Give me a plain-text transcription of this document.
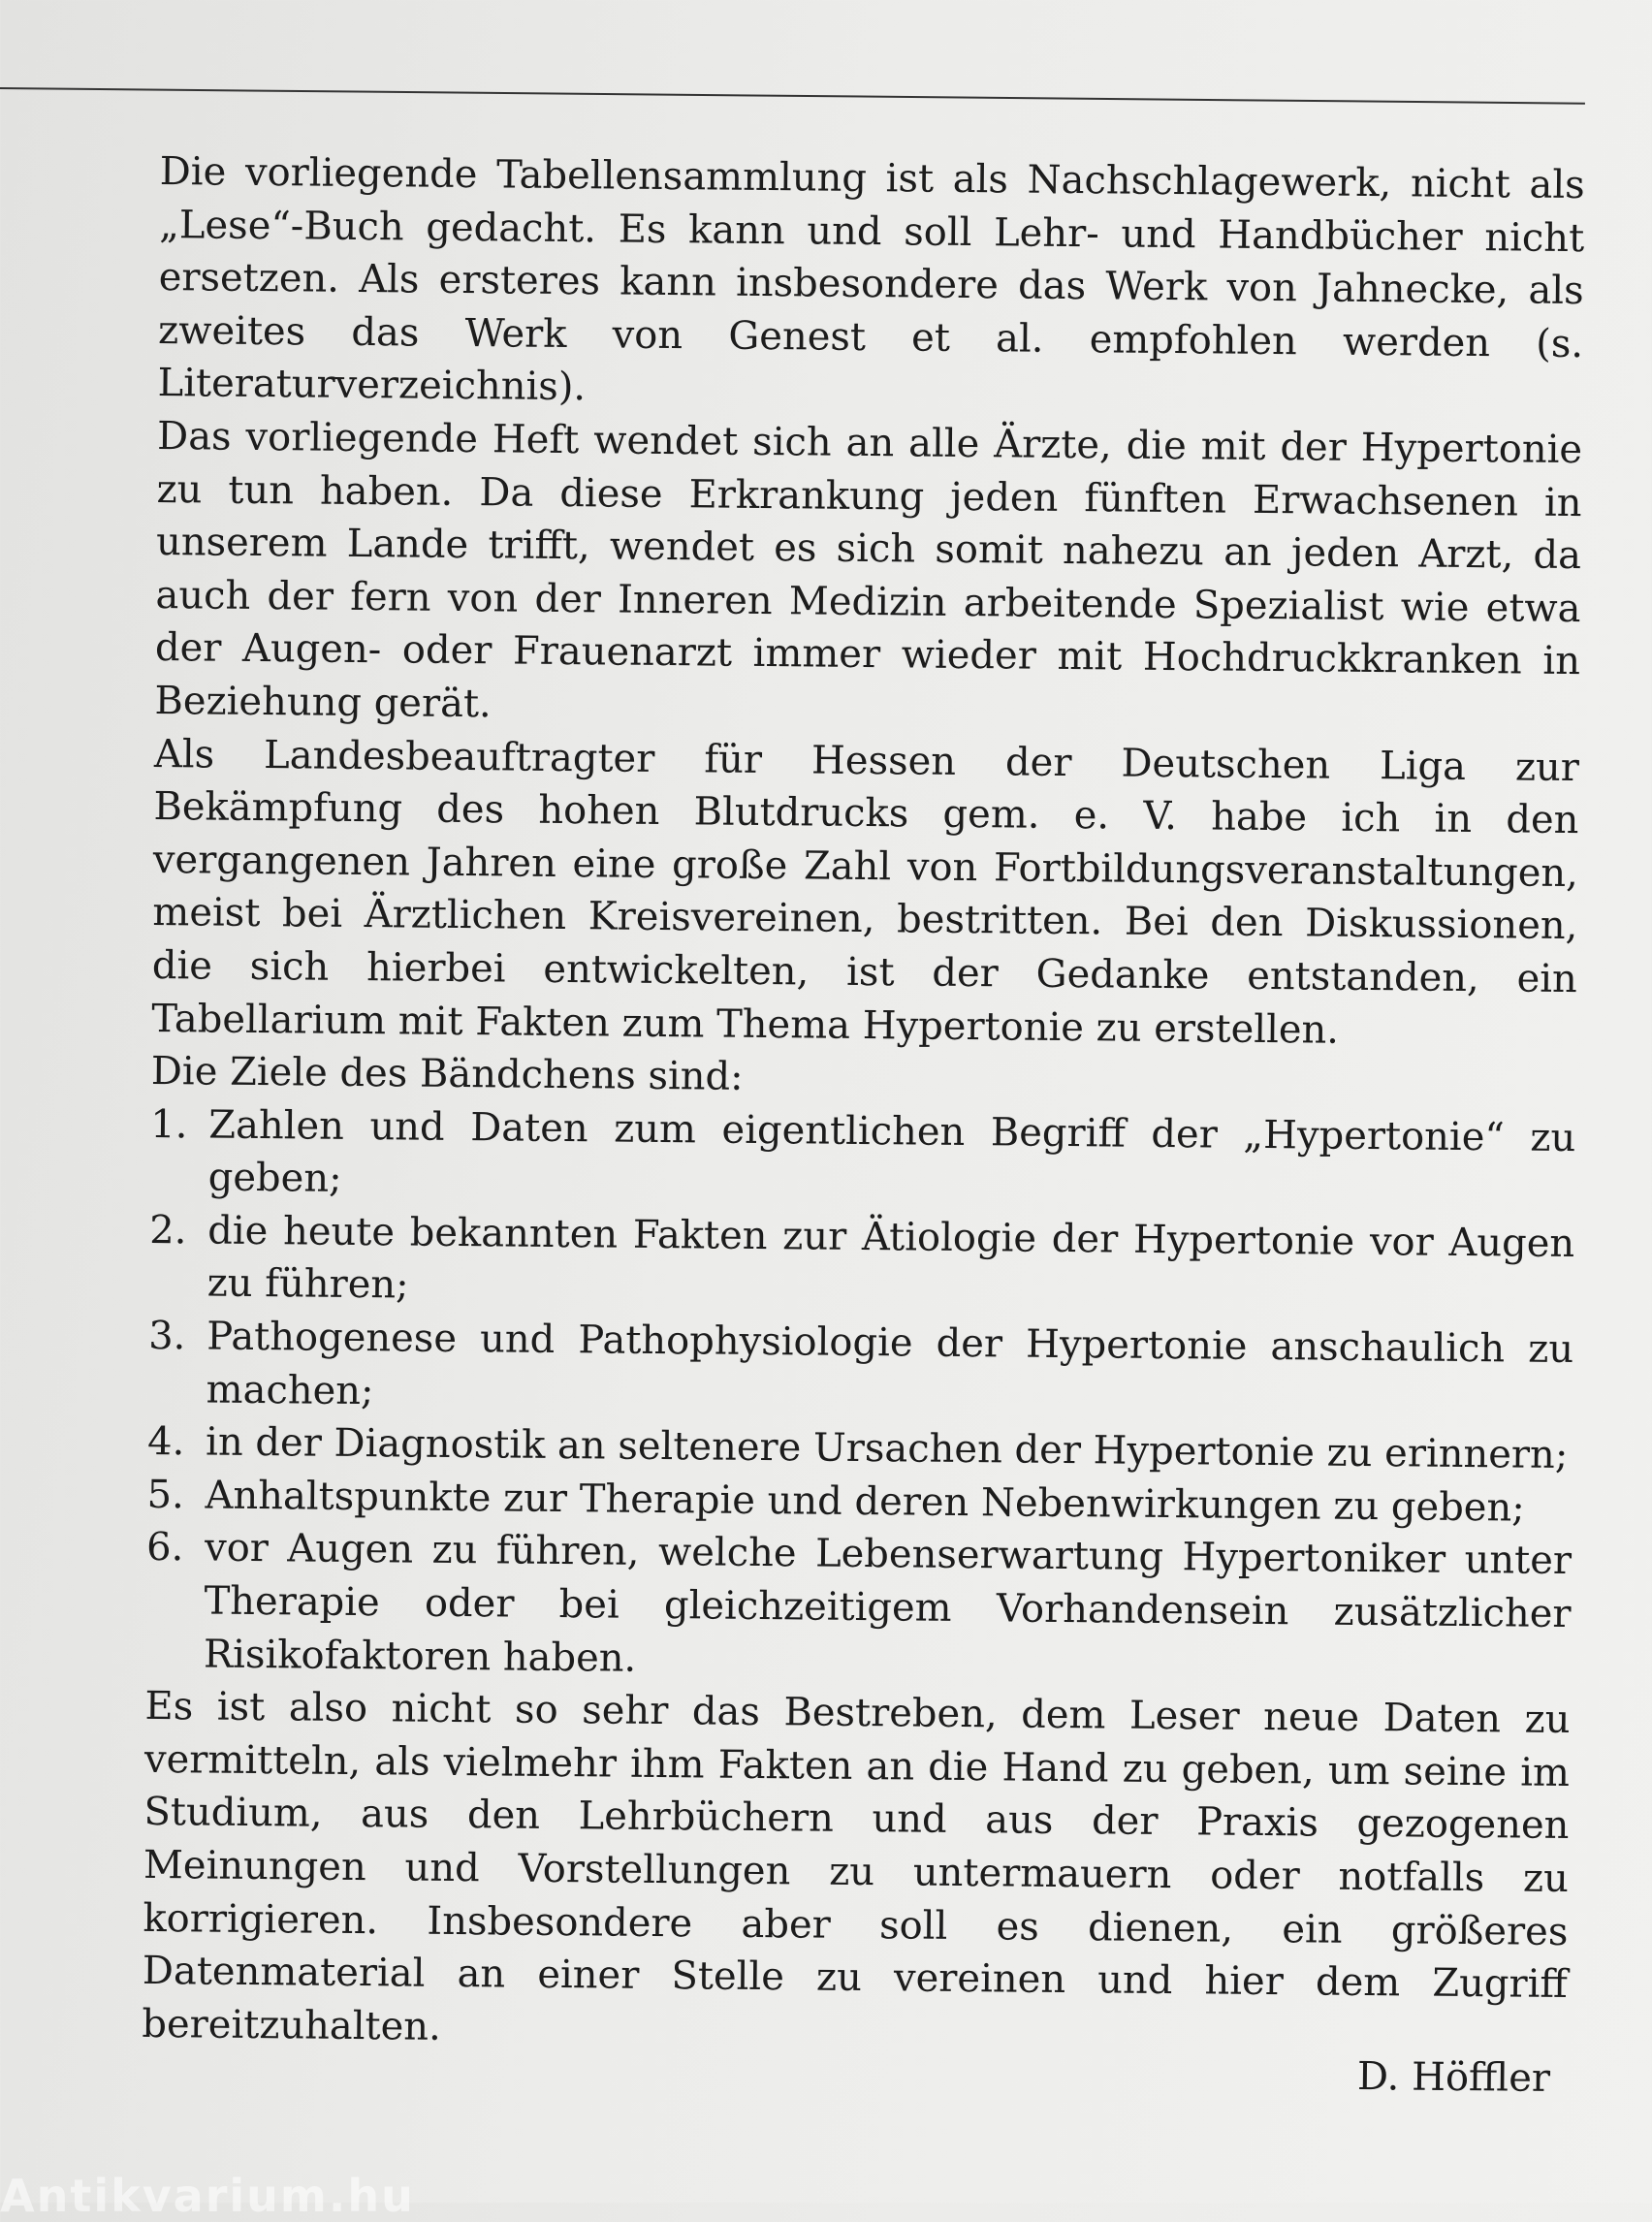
Die vorliegende Tabellensammlung ist als Nachschlagewerk, nicht als „Lese“-Buch gedacht. Es kann und soll Lehr- und Handbücher nicht ersetzen. Als ersteres kann insbesondere das Werk von Jahnecke, als zweites das Werk von Genest et al. empfohlen werden (s. Literaturverzeichnis).

Das vorliegende Heft wendet sich an alle Ärzte, die mit der Hypertonie zu tun haben. Da diese Erkrankung jeden fünften Erwachsenen in unserem Lande trifft, wendet es sich somit nahezu an jeden Arzt, da auch der fern von der Inneren Medizin arbeitende Spezialist wie etwa der Augen- oder Frauenarzt immer wieder mit Hochdruckkranken in Beziehung gerät.

Als Landesbeauftragter für Hessen der Deutschen Liga zur Bekämpfung des hohen Blutdrucks gem. e. V. habe ich in den vergangenen Jahren eine große Zahl von Fortbildungsveranstaltungen, meist bei Ärztlichen Kreisvereinen, bestritten. Bei den Diskussionen, die sich hierbei entwickelten, ist der Gedanke entstanden, ein Tabellarium mit Fakten zum Thema Hypertonie zu erstellen.

Die Ziele des Bändchens sind:

1. Zahlen und Daten zum eigentlichen Begriff der „Hypertonie“ zu geben;
2. die heute bekannten Fakten zur Ätiologie der Hypertonie vor Augen zu führen;
3. Pathogenese und Pathophysiologie der Hypertonie anschaulich zu machen;
4. in der Diagnostik an seltenere Ursachen der Hypertonie zu erinnern;
5. Anhaltspunkte zur Therapie und deren Nebenwirkungen zu geben;
6. vor Augen zu führen, welche Lebenserwartung Hypertoniker unter Therapie oder bei gleichzeitigem Vorhandensein zusätzlicher Risikofaktoren haben.

Es ist also nicht so sehr das Bestreben, dem Leser neue Daten zu vermitteln, als vielmehr ihm Fakten an die Hand zu geben, um seine im Studium, aus den Lehrbüchern und aus der Praxis gezogenen Meinungen und Vorstellungen zu untermauern oder notfalls zu korrigieren. Insbesondere aber soll es dienen, ein größeres Datenmaterial an einer Stelle zu vereinen und hier dem Zugriff bereitzuhalten.

D. Höffler
Antikvarium.hu
